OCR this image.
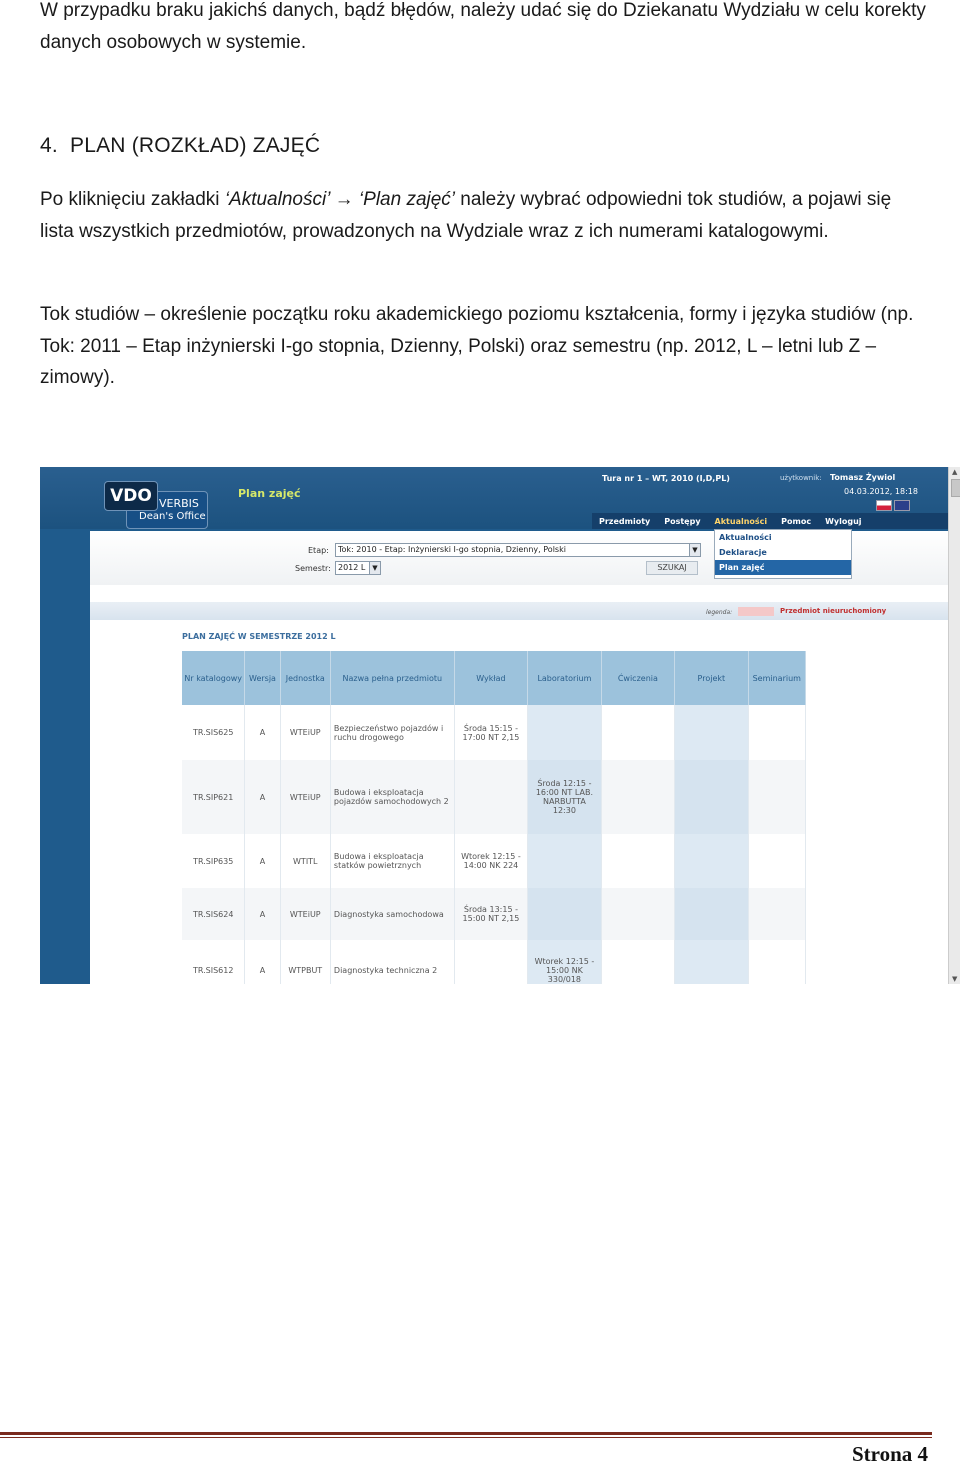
W przypadku braku jakichś danych, bądź błędów, należy udać się do Dziekanatu Wydziału w celu korekty danych osobowych w systemie.

4. PLAN (ROZKŁAD) ZAJĘĆ

Po kliknięciu zakładki ‘Aktualności’ → ‘Plan zajęć’ należy wybrać odpowiedni tok studiów, a pojawi się lista wszystkich przedmiotów, prowadzonych na Wydziale wraz z ich numerami katalogowymi.

Tok studiów – określenie początku roku akademickiego poziomu kształcenia, formy i języka studiów (np. Tok: 2011 – Etap inżynierski I-go stopnia, Dzienny, Polski) oraz semestru (np. 2012, L – letni lub Z – zimowy).

VERBIS
Dean's Office
VDO	Plan zajęć
Tura nr 1 – WT, 2010 (I,D,PL)	użytkownik: Tomasz Żywiol
04.03.2012, 18:18
Przedmioty	Postępy	Aktualności	Pomoc	Wyloguj
Etap:	Tok: 2010 - Etap: Inżynierski I-go stopnia, Dzienny, Polski	▼
Semestr: 2012 L ▼	SZUKAJ
legenda:	Przedmiot nieuruchomiony
PLAN ZAJĘĆ W SEMESTRZE 2012 L
Nr katalogowy	Wersja	Jednostka	Nazwa pełna przedmiotu	Wykład	Laboratorium	Ćwiczenia	Projekt	Seminarium
TR.SIS625	A	WTEiUP	Bezpieczeństwo pojazdów i ruchu drogowego	Środa 15:15 - 17:00 NT 2,15				
TR.SIP621	A	WTEiUP	Budowa i eksploatacja pojazdów samochodowych 2		Środa 12:15 - 16:00 NT LAB. NARBUTTA 12:30			
TR.SIP635	A	WTITL	Budowa i eksploatacja statków powietrznych	Wtorek 12:15 - 14:00 NK 224				
TR.SIS624	A	WTEiUP	Diagnostyka samochodowa	Środa 13:15 - 15:00 NT 2,15				
TR.SIS612	A	WTPBUT	Diagnostyka techniczna 2		Wtorek 12:15 - 15:00 NK 330/018			
Aktualności
Deklaracje
Plan zajęć
▲
▼
Strona 4
